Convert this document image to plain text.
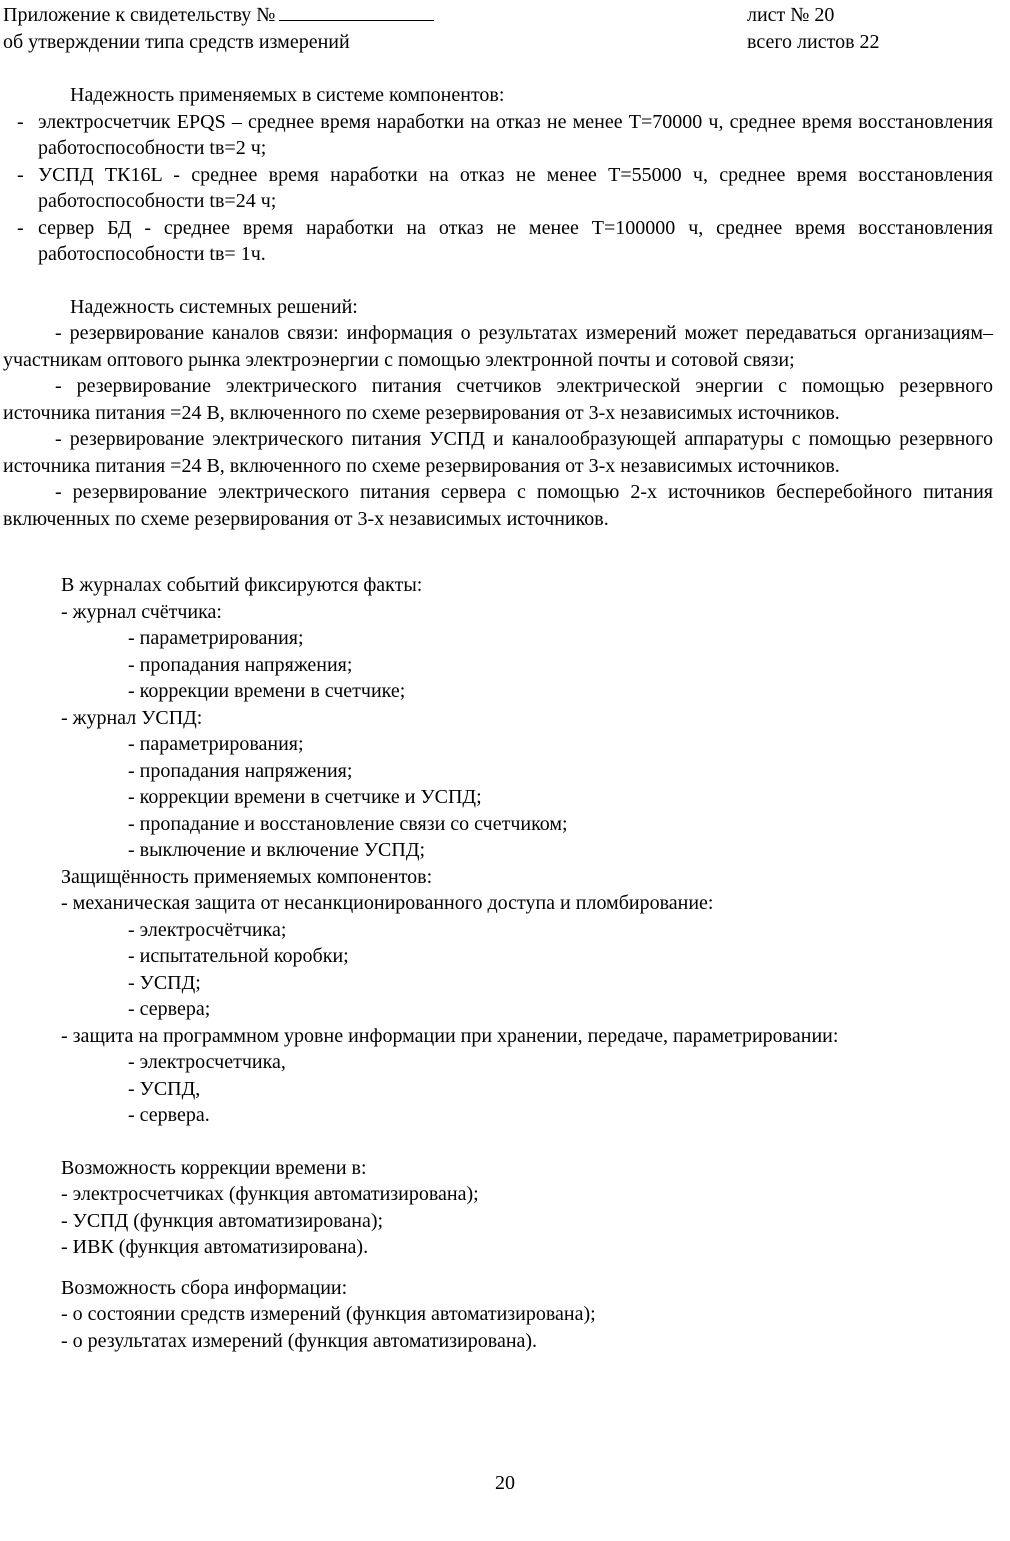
Приложение к свидетельству №
об утверждении типа средств измерений
лист № 20
всего листов 22
Надежность применяемых в системе компонентов:
- электросчетчик EPQS – среднее время наработки на отказ не менее Т=70000 ч, среднее время восстановления работоспособности tв=2 ч;
- УСПД ТК16L - среднее время наработки на отказ не менее Т=55000 ч, среднее время восстановления работоспособности tв=24 ч;
- сервер БД - среднее время наработки на отказ не менее Т=100000 ч, среднее время восстановления работоспособности tв= 1ч.
Надежность системных решений:
- резервирование каналов связи: информация о результатах измерений может передаваться организациям–участникам оптового рынка электроэнергии с помощью электронной почты и сотовой связи;
- резервирование электрического питания счетчиков электрической энергии с помощью резервного источника питания =24 В, включенного по схеме резервирования от 3-х независимых источников.
- резервирование электрического питания УСПД и каналообразующей аппаратуры с помощью резервного источника питания =24 В, включенного по схеме резервирования от 3-х независимых источников.
- резервирование электрического питания сервера с помощью 2-х источников бесперебойного питания включенных по схеме резервирования от 3-х независимых источников.
В журналах событий фиксируются факты:
- журнал счётчика:
- параметрирования;
- пропадания напряжения;
- коррекции времени в счетчике;
- журнал УСПД:
- параметрирования;
- пропадания напряжения;
- коррекции времени в счетчике и УСПД;
- пропадание и восстановление связи со счетчиком;
- выключение и включение УСПД;
Защищённость применяемых компонентов:
- механическая защита от несанкционированного доступа и пломбирование:
- электросчётчика;
- испытательной коробки;
- УСПД;
- сервера;
- защита на программном уровне информации при хранении, передаче, параметрировании:
- электросчетчика,
- УСПД,
- сервера.
Возможность коррекции времени в:
- электросчетчиках (функция автоматизирована);
- УСПД (функция автоматизирована);
- ИВК (функция автоматизирована).
Возможность сбора информации:
- о состоянии средств измерений (функция автоматизирована);
- о результатах измерений (функция автоматизирована).
20
